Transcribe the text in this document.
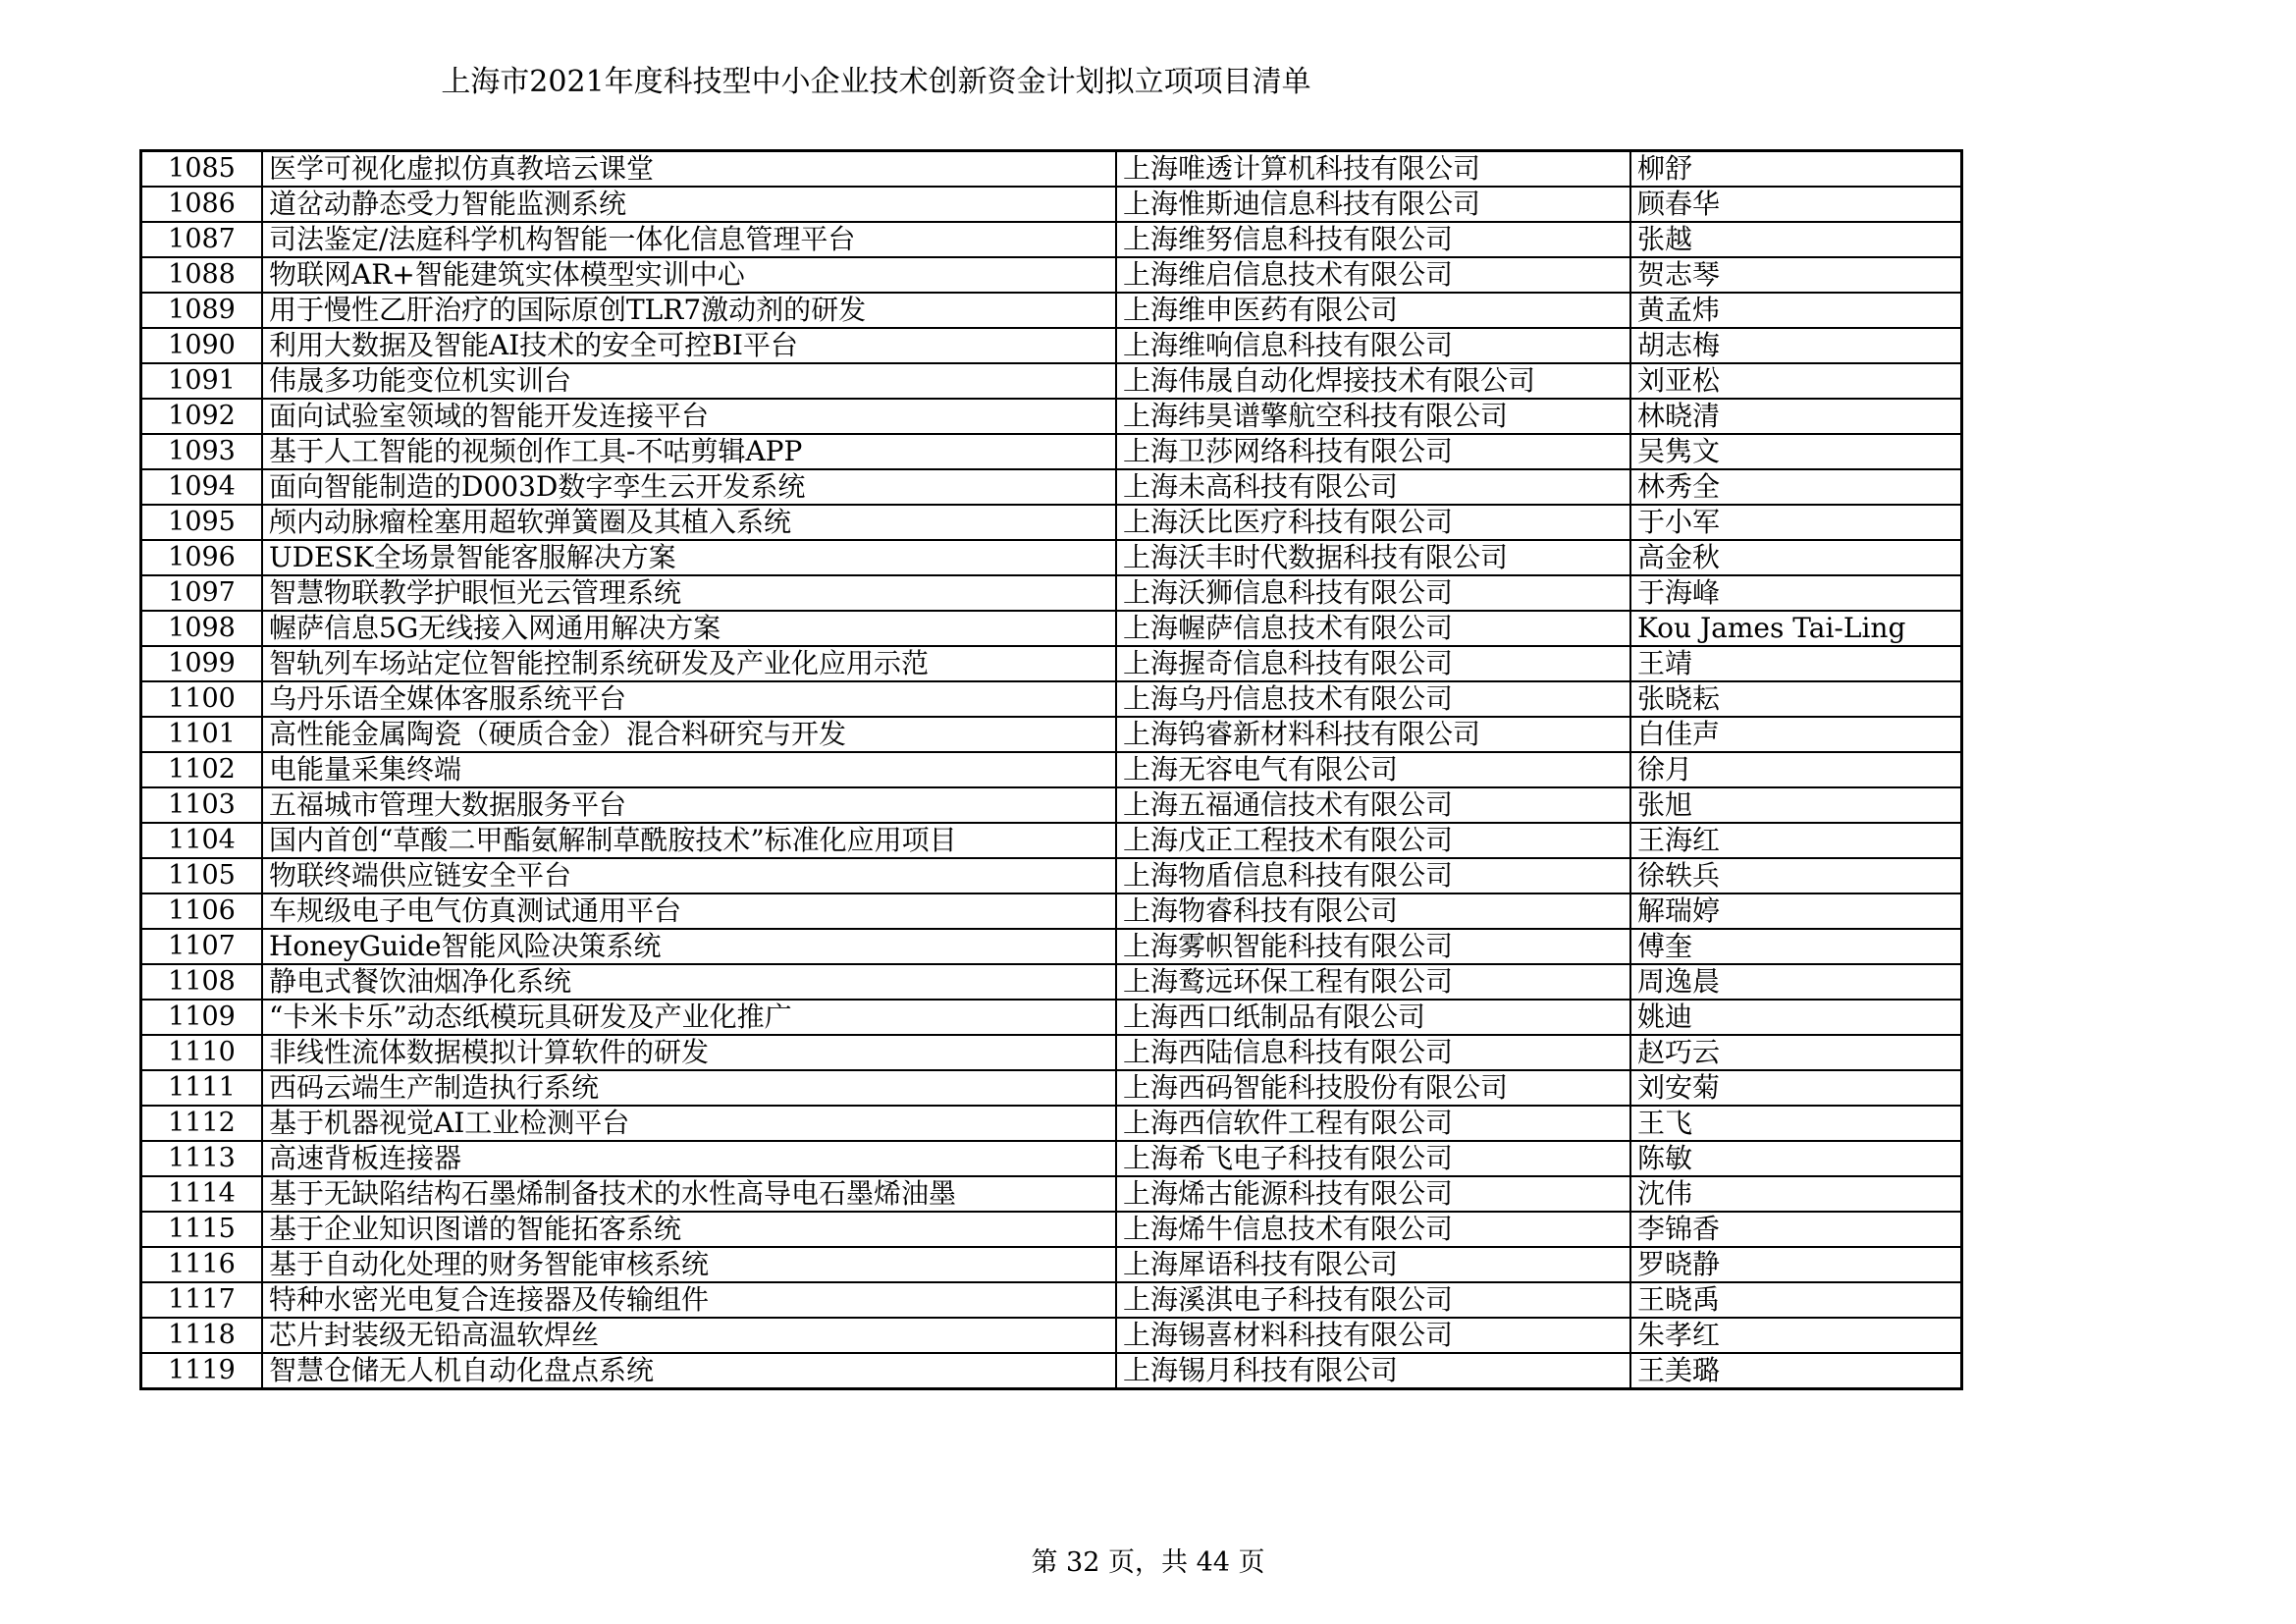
上海市2021年度科技型中小企业技术创新资金计划拟立项项目清单
1085	医学可视化虚拟仿真教培云课堂	上海唯透计算机科技有限公司	柳舒
1086	道岔动静态受力智能监测系统	上海惟斯迪信息科技有限公司	顾春华
1087	司法鉴定/法庭科学机构智能一体化信息管理平台	上海维努信息科技有限公司	张越
1088	物联网AR+智能建筑实体模型实训中心	上海维启信息技术有限公司	贺志琴
1089	用于慢性乙肝治疗的国际原创TLR7激动剂的研发	上海维申医药有限公司	黄孟炜
1090	利用大数据及智能AI技术的安全可控BI平台	上海维响信息科技有限公司	胡志梅
1091	伟晟多功能变位机实训台	上海伟晟自动化焊接技术有限公司	刘亚松
1092	面向试验室领域的智能开发连接平台	上海纬昊谱擎航空科技有限公司	林晓清
1093	基于人工智能的视频创作工具-不咕剪辑APP	上海卫莎网络科技有限公司	吴隽文
1094	面向智能制造的D003D数字孪生云开发系统	上海未高科技有限公司	林秀全
1095	颅内动脉瘤栓塞用超软弹簧圈及其植入系统	上海沃比医疗科技有限公司	于小军
1096	UDESK全场景智能客服解决方案	上海沃丰时代数据科技有限公司	高金秋
1097	智慧物联教学护眼恒光云管理系统	上海沃狮信息科技有限公司	于海峰
1098	幄萨信息5G无线接入网通用解决方案	上海幄萨信息技术有限公司	Kou James Tai-Ling
1099	智轨列车场站定位智能控制系统研发及产业化应用示范	上海握奇信息科技有限公司	王靖
1100	乌丹乐语全媒体客服系统平台	上海乌丹信息技术有限公司	张晓耘
1101	高性能金属陶瓷（硬质合金）混合料研究与开发	上海钨睿新材料科技有限公司	白佳声
1102	电能量采集终端	上海无容电气有限公司	徐月
1103	五福城市管理大数据服务平台	上海五福通信技术有限公司	张旭
1104	国内首创“草酸二甲酯氨解制草酰胺技术”标准化应用项目	上海戊正工程技术有限公司	王海红
1105	物联终端供应链安全平台	上海物盾信息科技有限公司	徐轶兵
1106	车规级电子电气仿真测试通用平台	上海物睿科技有限公司	解瑞婷
1107	HoneyGuide智能风险决策系统	上海雾帜智能科技有限公司	傅奎
1108	静电式餐饮油烟净化系统	上海鹜远环保工程有限公司	周逸晨
1109	“卡米卡乐”动态纸模玩具研发及产业化推广	上海西口纸制品有限公司	姚迪
1110	非线性流体数据模拟计算软件的研发	上海西陆信息科技有限公司	赵巧云
1111	西码云端生产制造执行系统	上海西码智能科技股份有限公司	刘安菊
1112	基于机器视觉AI工业检测平台	上海西信软件工程有限公司	王飞
1113	高速背板连接器	上海希飞电子科技有限公司	陈敏
1114	基于无缺陷结构石墨烯制备技术的水性高导电石墨烯油墨	上海烯古能源科技有限公司	沈伟
1115	基于企业知识图谱的智能拓客系统	上海烯牛信息技术有限公司	李锦香
1116	基于自动化处理的财务智能审核系统	上海犀语科技有限公司	罗晓静
1117	特种水密光电复合连接器及传输组件	上海溪淇电子科技有限公司	王晓禹
1118	芯片封装级无铅高温软焊丝	上海锡喜材料科技有限公司	朱孝红
1119	智慧仓储无人机自动化盘点系统	上海锡月科技有限公司	王美璐
第 32 页，共 44 页
